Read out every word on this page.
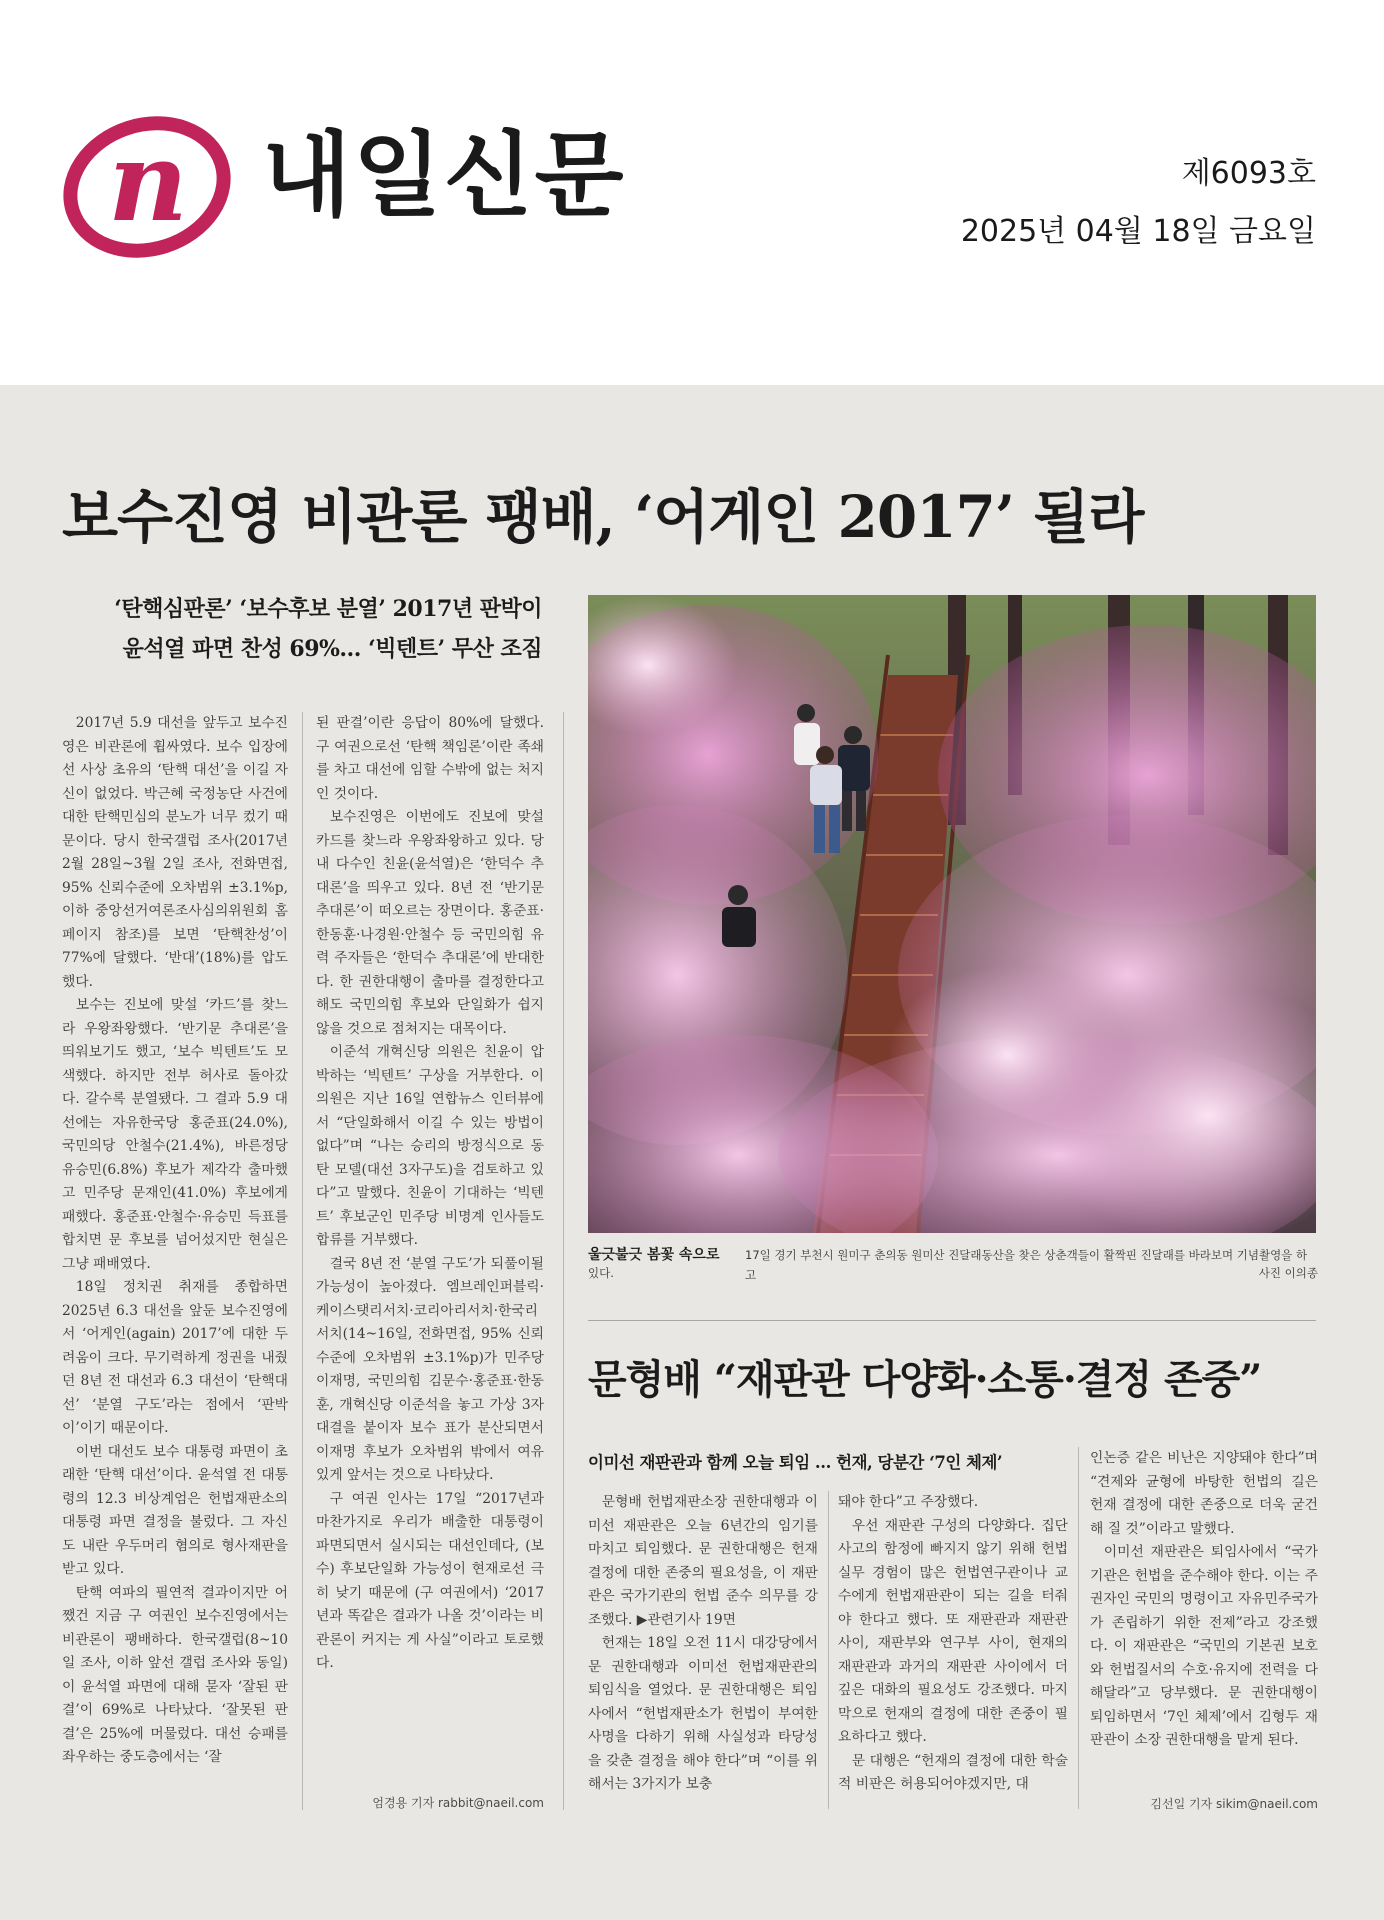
n 내일신문	제6093호
2025년 04월 18일 금요일
보수진영 비관론 팽배, ‘어게인 2017’ 될라
‘탄핵심판론’ ‘보수후보 분열’ 2017년 판박이
윤석열 파면 찬성 69%… ‘빅텐트’ 무산 조짐

2017년 5.9 대선을 앞두고 보수진영은 비관론에 휩싸였다. 보수 입장에선 사상 초유의 ‘탄핵 대선’을 이길 자신이 없었다. 박근혜 국정농단 사건에 대한 탄핵민심의 분노가 너무 컸기 때문이다. 당시 한국갤럽 조사(2017년 2월 28일~3월 2일 조사, 전화면접, 95% 신뢰수준에 오차범위 ±3.1%p, 이하 중앙선거여론조사심의위원회 홈페이지 참조)를 보면 ‘탄핵찬성’이 77%에 달했다. ‘반대’(18%)를 압도했다.

보수는 진보에 맞설 ‘카드’를 찾느라 우왕좌왕했다. ‘반기문 추대론’을 띄워보기도 했고, ‘보수 빅텐트’도 모색했다. 하지만 전부 허사로 돌아갔다. 갈수록 분열됐다. 그 결과 5.9 대선에는 자유한국당 홍준표(24.0%), 국민의당 안철수(21.4%), 바른정당 유승민(6.8%) 후보가 제각각 출마했고 민주당 문재인(41.0%) 후보에게 패했다. 홍준표·안철수·유승민 득표를 합치면 문 후보를 넘어섰지만 현실은 그냥 패배였다.

18일 정치권 취재를 종합하면 2025년 6.3 대선을 앞둔 보수진영에서 ‘어게인(again) 2017’에 대한 두려움이 크다. 무기력하게 정권을 내줬던 8년 전 대선과 6.3 대선이 ‘탄핵대선’ ‘분열 구도’라는 점에서 ‘판박이’이기 때문이다.

이번 대선도 보수 대통령 파면이 초래한 ‘탄핵 대선’이다. 윤석열 전 대통령의 12.3 비상계엄은 헌법재판소의 대통령 파면 결정을 불렀다. 그 자신도 내란 우두머리 혐의로 형사재판을 받고 있다.

탄핵 여파의 필연적 결과이지만 어쨌건 지금 구 여권인 보수진영에서는 비관론이 팽배하다. 한국갤럽(8~10일 조사, 이하 앞선 갤럽 조사와 동일)이 윤석열 파면에 대해 묻자 ‘잘된 판결’이 69%로 나타났다. ‘잘못된 판결’은 25%에 머물렀다. 대선 승패를 좌우하는 중도층에서는 ‘잘

된 판결’이란 응답이 80%에 달했다. 구 여권으로선 ‘탄핵 책임론’이란 족쇄를 차고 대선에 임할 수밖에 없는 처지인 것이다.

보수진영은 이번에도 진보에 맞설 카드를 찾느라 우왕좌왕하고 있다. 당내 다수인 친윤(윤석열)은 ‘한덕수 추대론’을 띄우고 있다. 8년 전 ‘반기문 추대론’이 떠오르는 장면이다. 홍준표·한동훈·나경원·안철수 등 국민의힘 유력 주자들은 ‘한덕수 추대론’에 반대한다. 한 권한대행이 출마를 결정한다고 해도 국민의힘 후보와 단일화가 쉽지 않을 것으로 점쳐지는 대목이다.

이준석 개혁신당 의원은 친윤이 압박하는 ‘빅텐트’ 구상을 거부한다. 이 의원은 지난 16일 연합뉴스 인터뷰에서 “단일화해서 이길 수 있는 방법이 없다”며 “나는 승리의 방정식으로 동탄 모델(대선 3자구도)을 검토하고 있다”고 말했다. 친윤이 기대하는 ‘빅텐트’ 후보군인 민주당 비명계 인사들도 합류를 거부했다.

결국 8년 전 ‘분열 구도’가 되풀이될 가능성이 높아졌다. 엠브레인퍼블릭·케이스탯리서치·코리아리서치·한국리서치(14~16일, 전화면접, 95% 신뢰수준에 오차범위 ±3.1%p)가 민주당 이재명, 국민의힘 김문수·홍준표·한동훈, 개혁신당 이준석을 놓고 가상 3자 대결을 붙이자 보수 표가 분산되면서 이재명 후보가 오차범위 밖에서 여유 있게 앞서는 것으로 나타났다.

구 여권 인사는 17일 “2017년과 마찬가지로 우리가 배출한 대통령이 파면되면서 실시되는 대선인데다, (보수) 후보단일화 가능성이 현재로선 극히 낮기 때문에 (구 여권에서) ‘2017년과 똑같은 결과가 나올 것’이라는 비관론이 커지는 게 사실”이라고 토로했다.

엄경용 기자 rabbit@naeil.com
울긋불긋 봄꽃 속으로 17일 경기 부천시 원미구 춘의동 원미산 진달래동산을 찾은 상춘객들이 활짝핀 진달래를 바라보며 기념촬영을 하고
있다.	사진 이의종
문형배 “재판관 다양화·소통·결정 존중”
이미선 재판관과 함께 오늘 퇴임 … 헌재, 당분간 ‘7인 체제’

문형배 헌법재판소장 권한대행과 이미선 재판관은 오늘 6년간의 임기를 마치고 퇴임했다. 문 권한대행은 헌재 결정에 대한 존중의 필요성을, 이 재판관은 국가기관의 헌법 준수 의무를 강조했다. ▶관련기사 19면

헌재는 18일 오전 11시 대강당에서 문 권한대행과 이미선 헌법재판관의 퇴임식을 열었다. 문 권한대행은 퇴임사에서 “헌법재판소가 헌법이 부여한 사명을 다하기 위해 사실성과 타당성을 갖춘 결정을 해야 한다”며 “이를 위해서는 3가지가 보충

돼야 한다”고 주장했다.

우선 재판관 구성의 다양화다. 집단사고의 함정에 빠지지 않기 위해 헌법 실무 경험이 많은 헌법연구관이나 교수에게 헌법재판관이 되는 길을 터줘야 한다고 했다. 또 재판관과 재판관 사이, 재판부와 연구부 사이, 현재의 재판관과 과거의 재판관 사이에서 더 깊은 대화의 필요성도 강조했다. 마지막으로 헌재의 결정에 대한 존중이 필요하다고 했다.

문 대행은 “헌재의 결정에 대한 학술적 비판은 허용되어야겠지만, 대

인논증 같은 비난은 지양돼야 한다”며 “견제와 균형에 바탕한 헌법의 길은 헌재 결정에 대한 존중으로 더욱 굳건해 질 것”이라고 말했다.

이미선 재판관은 퇴임사에서 “국가기관은 헌법을 준수해야 한다. 이는 주권자인 국민의 명령이고 자유민주국가가 존립하기 위한 전제”라고 강조했다. 이 재판관은 “국민의 기본권 보호와 헌법질서의 수호·유지에 전력을 다해달라”고 당부했다. 문 권한대행이 퇴임하면서 ‘7인 체제’에서 김형두 재판관이 소장 권한대행을 맡게 된다.

김선일 기자 sikim@naeil.com
